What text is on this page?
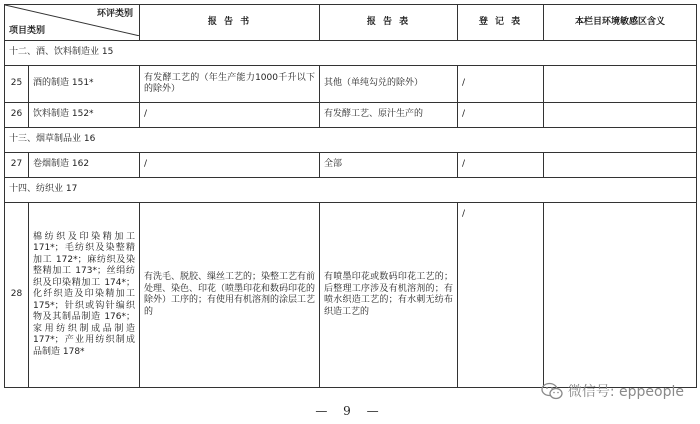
环评类别
项目类别		报 告 书	报 告 表	登 记 表	本栏目环境敏感区含义
十二、酒、饮料制造业 15					
25	酒的制造 151*	有发酵工艺的（年生产能力1000千升以下的除外）	其他（单纯勾兑的除外）	/	
26	饮料制造 152*	/	有发酵工艺、原汁生产的	/	
十三、烟草制品业 16					
27	卷烟制造 162	/	全部	/	
十四、纺织业 17					
28	棉纺织及印染精加工171*；毛纺织及染整精加工 172*；麻纺织及染整精加工 173*；丝绢纺织及印染精加工 174*；化纤织造及印染精加工 175*；针织或钩针编织物及其制品制造 176*；家用纺织制成品制造177*；产业用纺织制成品制造 178*	有洗毛、脱胶、缫丝工艺的；染整工艺有前处理、染色、印花（喷墨印花和数码印花的除外）工序的；有使用有机溶剂的涂层工艺的	有喷墨印花或数码印花工艺的；后整理工序涉及有机溶剂的；有喷水织造工艺的；有水刺无纺布织造工艺的	/	
微信号: eppeople
— 9 —
